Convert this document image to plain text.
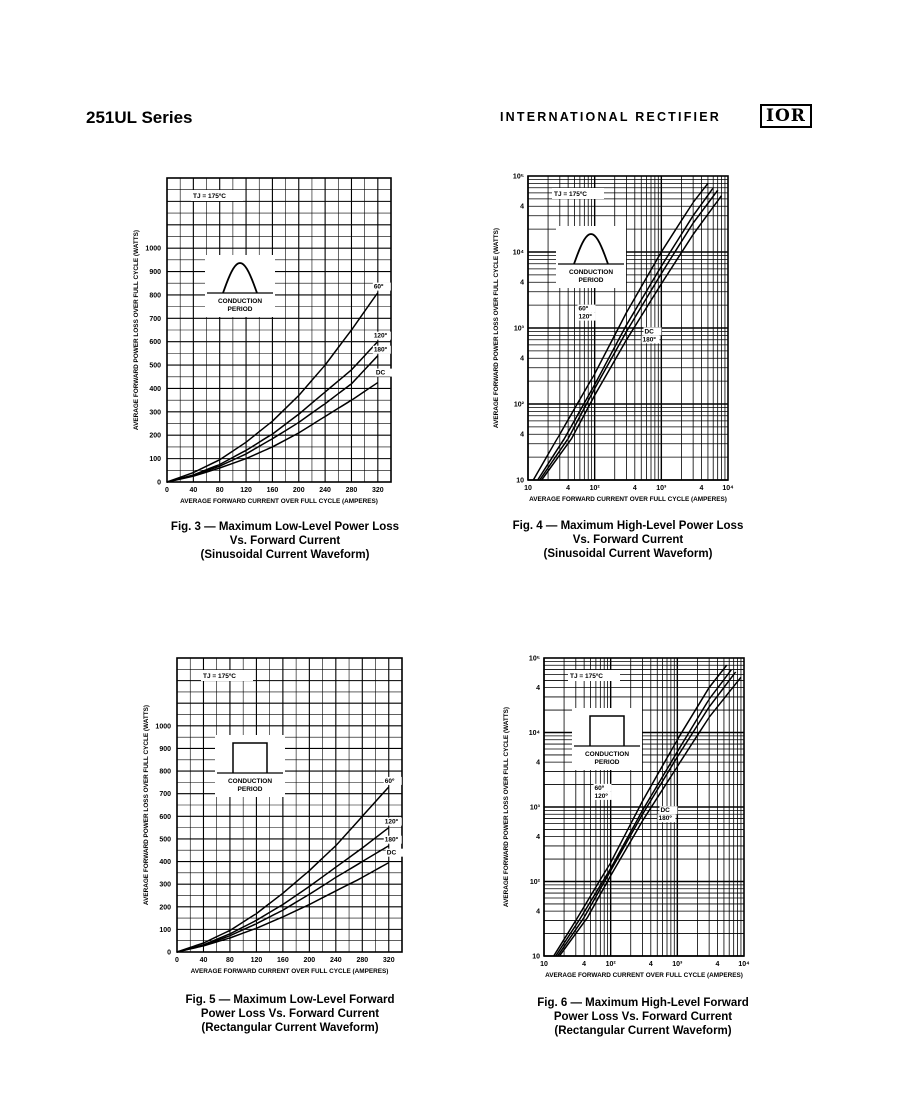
251UL Series	INTERNATIONAL RECTIFIER	IOR
0	40	80 120 160 200 240 280 320
0
100
200
300
400
500
600
700
800
900
1000
AVERAGE FORWARD CURRENT OVER FULL CYCLE (AMPERES)
AVERAGE FORWARD POWER LOSS OVER FULL CYCLE (WATTS)
TJ = 175ºC
CONDUCTION
PERIOD
60º
120º
180º
DC
10	4	10²	4	10³	4	10⁴
10
4
10²
4
10³
4
10⁴
4
10⁵
AVERAGE FORWARD CURRENT OVER FULL CYCLE (AMPERES)
AVERAGE FORWARD POWER LOSS OVER FULL CYCLE (WATTS)
TJ = 175ºC
CONDUCTION
PERIOD
60º
120º
180º
DC
0	40	80 120 160 200 240 280 320
0
100
200
300
400
500
600
700
800
900
1000
AVERAGE FORWARD CURRENT OVER FULL CYCLE (AMPERES)
AVERAGE FORWARD POWER LOSS OVER FULL CYCLE (WATTS)
TJ = 175ºC
CONDUCTION
PERIOD
60º
120º
180º
DC
10	4	10²	4	10³	4	10⁴
10
4
10²
4
10³
4
10⁴
4
10⁵
AVERAGE FORWARD CURRENT OVER FULL CYCLE (AMPERES)
AVERAGE FORWARD POWER LOSS OVER FULL CYCLE (WATTS)
TJ = 175ºC
CONDUCTION
PERIOD
60º
120º
180º
DC
Fig. 3 — Maximum Low-Level Power Loss
Vs. Forward Current
(Sinusoidal Current Waveform)
Fig. 4 — Maximum High-Level Power Loss
Vs. Forward Current
(Sinusoidal Current Waveform)
Fig. 5 — Maximum Low-Level Forward
Power Loss Vs. Forward Current
(Rectangular Current Waveform)
Fig. 6 — Maximum High-Level Forward
Power Loss Vs. Forward Current
(Rectangular Current Waveform)
